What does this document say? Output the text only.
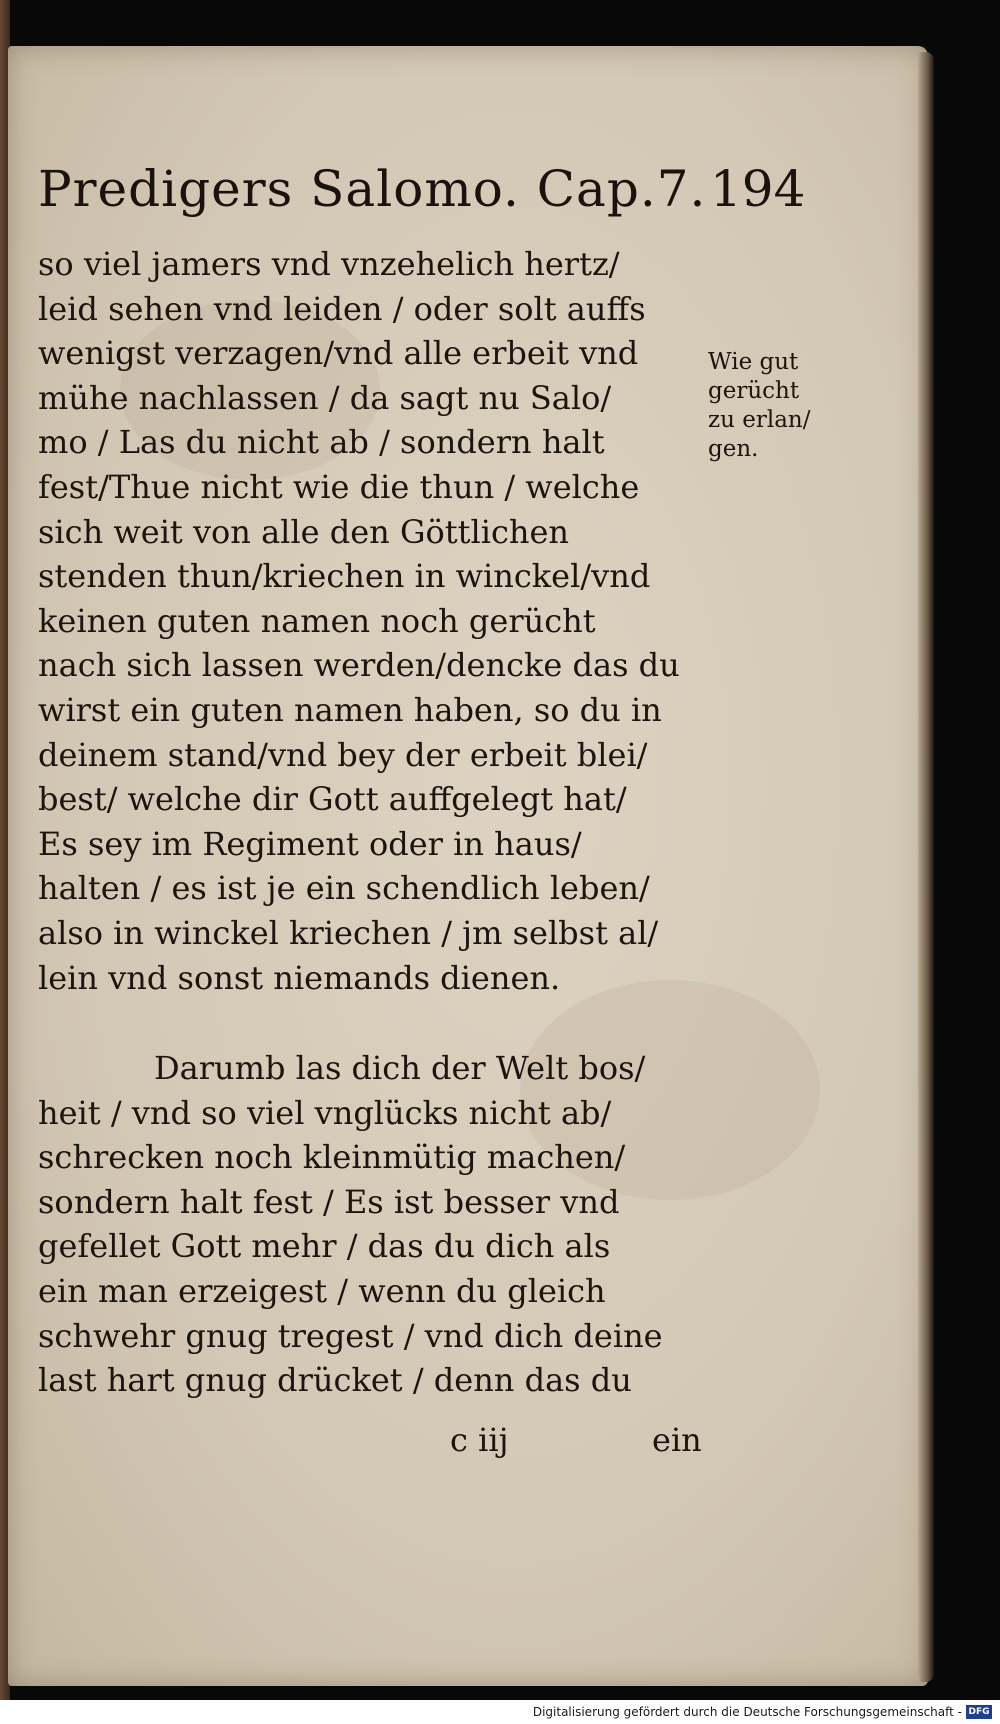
Predigers Salomo. Cap.7. 194
so viel jamers vnd vnzehelich hertz/
leid sehen vnd leiden / oder solt auffs
wenigst verzagen/vnd alle erbeit vnd
mühe nachlassen / da sagt nu Salo/
mo / Las du nicht ab / sondern halt
fest/Thue nicht wie die thun / welche
sich weit von alle den Göttlichen
stenden thun/kriechen in winckel/vnd
keinen guten namen noch gerücht
nach sich lassen werden/dencke das du
wirst ein guten namen haben, so du in
deinem stand/vnd bey der erbeit blei/
best/ welche dir Gott auffgelegt hat/
Es sey im Regiment oder in haus/
halten / es ist je ein schendlich leben/
also in winckel kriechen / jm selbst al/
lein vnd sonst niemands dienen.
Darumb las dich der Welt bos/
heit / vnd so viel vnglücks nicht ab/
schrecken noch kleinmütig machen/
sondern halt fest / Es ist besser vnd
gefellet Gott mehr / das du dich als
ein man erzeigest / wenn du gleich
schwehr gnug tregest / vnd dich deine
last hart gnug drücket / denn das du
Wie gut
gerücht
zu erlan/
gen.
c iij	ein
Digitalisierung gefördert durch die Deutsche Forschungsgemeinschaft - DFG
